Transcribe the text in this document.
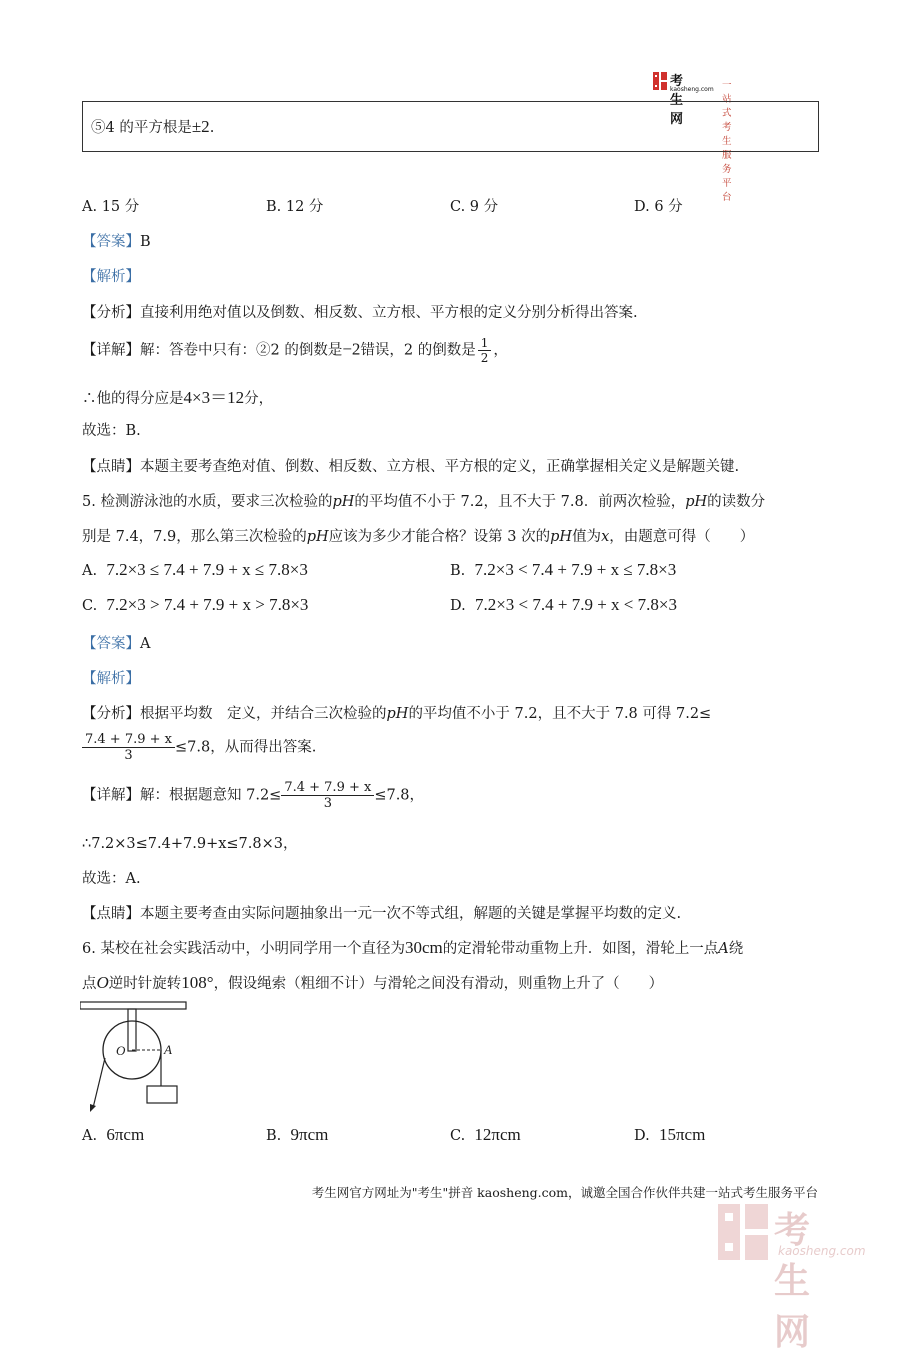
考生网
kaosheng.com 一站式考生服务平台
⑤4 的平方根是±2.
A. 15 分	B. 12 分	C. 9 分	D. 6 分
【答案】B
【解析】
【分析】直接利用绝对值以及倒数、相反数、立方根、平方根的定义分别分析得出答案.
【详解】解：答卷中只有：②2 的倒数是−2错误，2 的倒数是 $\frac{1}{2}$ ，
∴他的得分应是4×3＝12分，
故选：B.
【点睛】本题主要考查绝对值、倒数、相反数、立方根、平方根的定义，正确掌握相关定义是解题关键.
5. 检测游泳池的水质，要求三次检验的pH的平均值不小于 7.2，且不大于 7.8．前两次检验，pH的读数分
别是 7.4，7.9，那么第三次检验的pH应该为多少才能合格？设第 3 次的pH值为x，由题意可得（　　）
A. 7.2×3 ≤ 7.4 + 7.9 + x ≤ 7.8×3	B. 7.2×3 < 7.4 + 7.9 + x ≤ 7.8×3
C. 7.2×3 > 7.4 + 7.9 + x > 7.8×3	D. 7.2×3 < 7.4 + 7.9 + x < 7.8×3
【答案】A
【解析】
【分析】根据平均数　定义，并结合三次检验的pH的平均值不小于 7.2，且不大于 7.8 可得 7.2≤
$\frac{7.4 + 7.9 + x}{3} \le 7.8$，从而得出答案.
【详解】解：根据题意知 $7.2\le \frac{7.4 + 7.9 + x}{3} \le 7.8$，
∴7.2×3≤7.4+7.9+x≤7.8×3，
故选：A.
【点睛】本题主要考查由实际问题抽象出一元一次不等式组，解题的关键是掌握平均数的定义.
6. 某校在社会实践活动中，小明同学用一个直径为30cm的定滑轮带动重物上升．如图，滑轮上一点A绕
点O逆时针旋转108°，假设绳索（粗细不计）与滑轮之间没有滑动，则重物上升了（　　）
O	A
A. 6πcm	B. 9πcm	C. 12πcm	D. 15πcm
考生网官方网址为"考生"拼音 kaosheng.com，诚邀全国合作伙伴共建一站式考生服务平台
考生网
kaosheng.com
